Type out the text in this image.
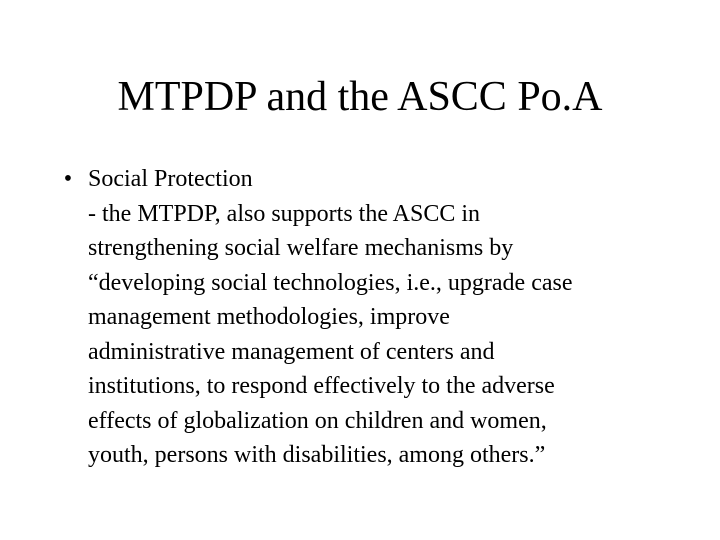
MTPDP and the ASCC Po.A
• Social Protection
- the MTPDP, also supports the ASCC in
strengthening social welfare mechanisms by
“developing social technologies, i.e., upgrade case
management methodologies, improve
administrative management of centers and
institutions, to respond effectively to the adverse
effects of globalization on children and women,
youth, persons with disabilities, among others.”
